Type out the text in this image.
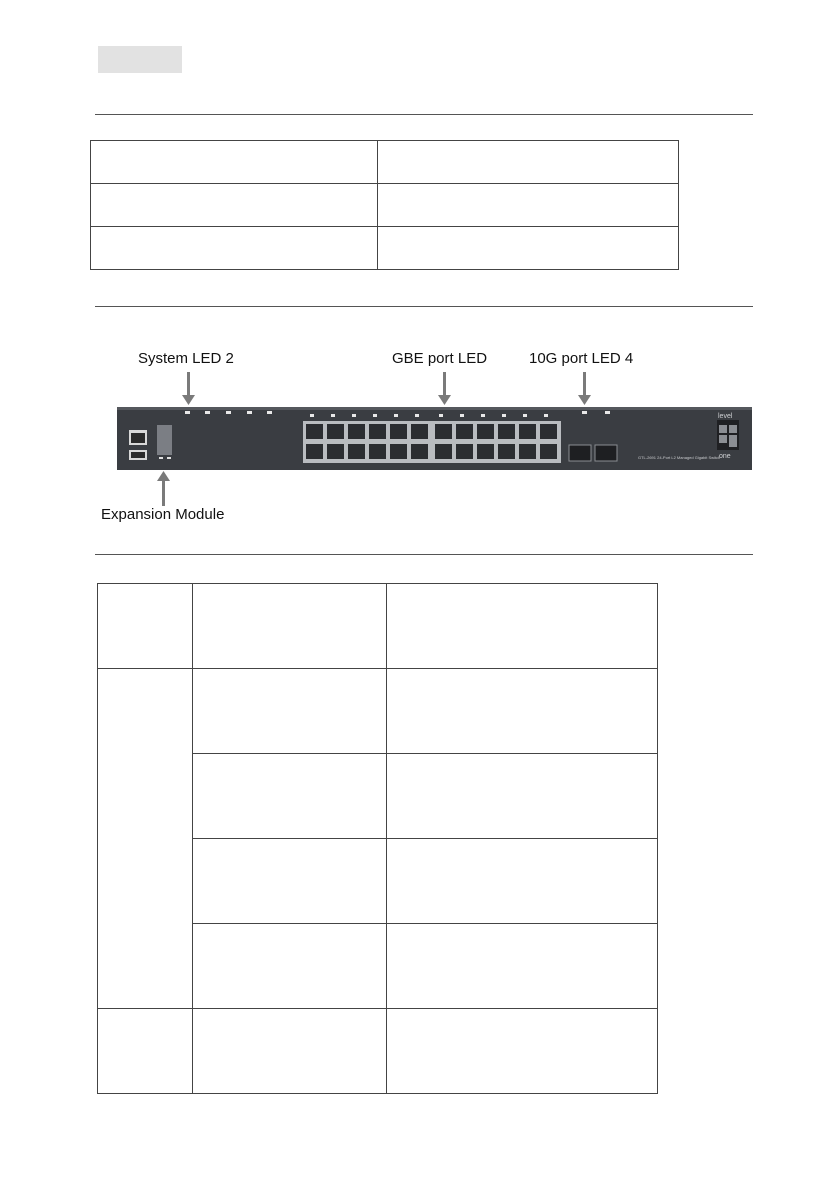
System LED 2	GBE port LED	10G port LED 4
level
one
GTL-2691 24-Port L2 Managed Gigabit Switch
Expansion Module
